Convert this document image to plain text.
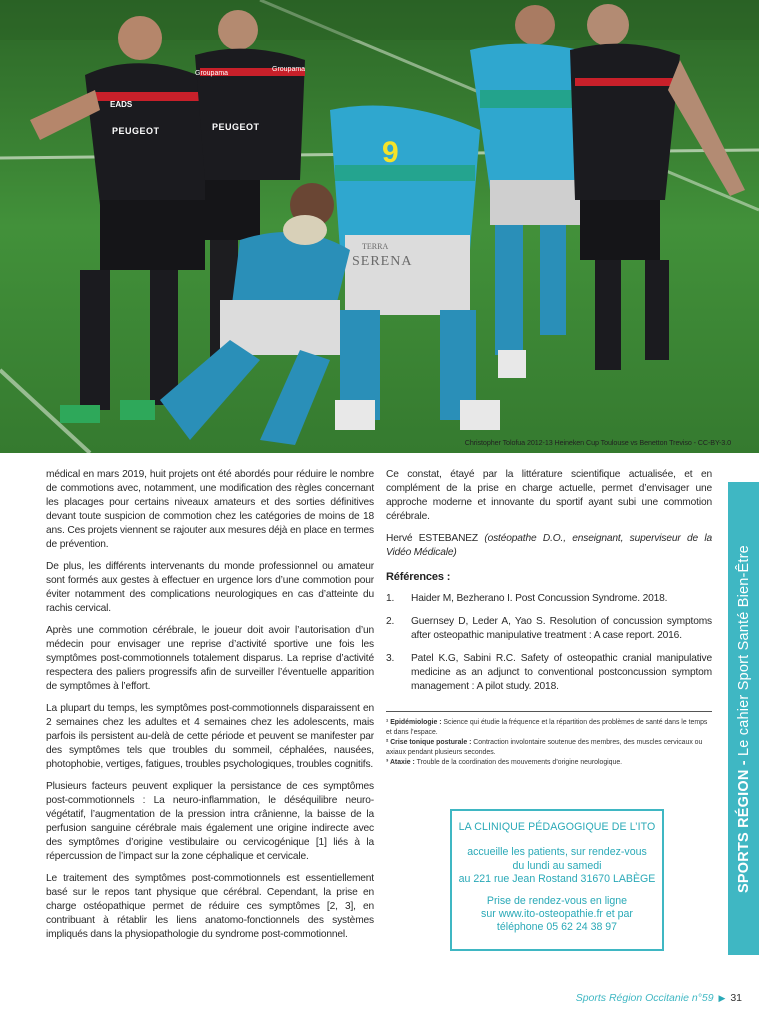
9
EADS
PEUGEOT	PEUGEOT
Groupama
Groupama
TERRA
SERENA
Christopher Tolofua 2012-13 Heineken Cup Toulouse vs Benetton Treviso - CC-BY-3.0

médical en mars 2019, huit projets ont été abordés pour réduire le nombre de commotions avec, notamment, une modification des règles concernant les placages pour certains niveaux amateurs et des sorties définitives devant toute suspicion de commotion chez les catégories de moins de 18 ans. Ces projets viennent se rajouter aux mesures déjà en place en termes de prévention.

De plus, les différents intervenants du monde professionnel ou amateur sont formés aux gestes à effectuer en urgence lors d’une commotion pour éviter notamment des complications neurologiques en cas d’atteinte du rachis cervical.

Après une commotion cérébrale, le joueur doit avoir l’autorisation d’un médecin pour envisager une reprise d’activité sportive une fois les symptômes post-commotionnels totalement disparus. La reprise d’activité respectera des paliers progressifs afin de surveiller l’éventuelle apparition de symptômes à l’effort.

La plupart du temps, les symptômes post-commotionnels disparaissent en 2 semaines chez les adultes et 4 semaines chez les adolescents, mais parfois ils persistent au-delà de cette période et peuvent se manifester par des symptômes tels que troubles du sommeil, céphalées, nausées, photophobie, vertiges, fatigues, troubles psychologiques, troubles cognitifs.

Plusieurs facteurs peuvent expliquer la persistance de ces symptômes post-commotionnels : La neuro-inflammation, le déséquilibre neuro-végétatif, l’augmentation de la pression intra crânienne, la baisse de la perfusion sanguine cérébrale mais également une origine indirecte avec des symptômes d’origine vestibulaire ou cervicogénique [1] liés à la répercussion de l’impact sur la zone céphalique et cervicale.

Le traitement des symptômes post-commotionnels est essentiellement basé sur le repos tant physique que cérébral. Cependant, la prise en charge ostéopathique permet de réduire ces symptômes [2, 3], en contribuant à rétablir les liens anatomo-fonctionnels des systèmes impliqués dans la physiopathologie du syndrome post-commotionnel.

Ce constat, étayé par la littérature scientifique actualisée, et en complément de la prise en charge actuelle, permet d’envisager une approche moderne et innovante du sportif ayant subi une commotion cérébrale.

Hervé ESTEBANEZ (ostéopathe D.O., enseignant, superviseur de la Vidéo Médicale)

Références :
1.	Haider M, Bezherano I. Post Concussion Syndrome. 2018.
2.	Guernsey D, Leder A, Yao S. Resolution of concussion symptoms after osteopathic manipulative treatment : A case report. 2016.
3.	Patel K.G, Sabini R.C. Safety of osteopathic cranial manipulative medicine as an adjunct to conventional postconcussion symptom management : A pilot study. 2018.

¹ Epidémiologie : Science qui étudie la fréquence et la répartition des problèmes de santé dans le temps et dans l’espace.

² Crise tonique posturale : Contraction involontaire soutenue des membres, des muscles cervicaux ou axiaux pendant plusieurs secondes.

³ Ataxie : Trouble de la coordination des mouvements d’origine neurologique.

LA CLINIQUE PÉDAGOGIQUE DE L’ITO
accueille les patients, sur rendez-vous
du lundi au samedi
au 221 rue Jean Rostand 31670 LABÈGE
Prise de rendez-vous en ligne
sur www.ito-osteopathie.fr et par
téléphone 05 62 24 38 97
SPORTS RÉGION - Le cahier Sport Santé Bien-Être
Sports Région Occitanie n°59 ▶ 31
